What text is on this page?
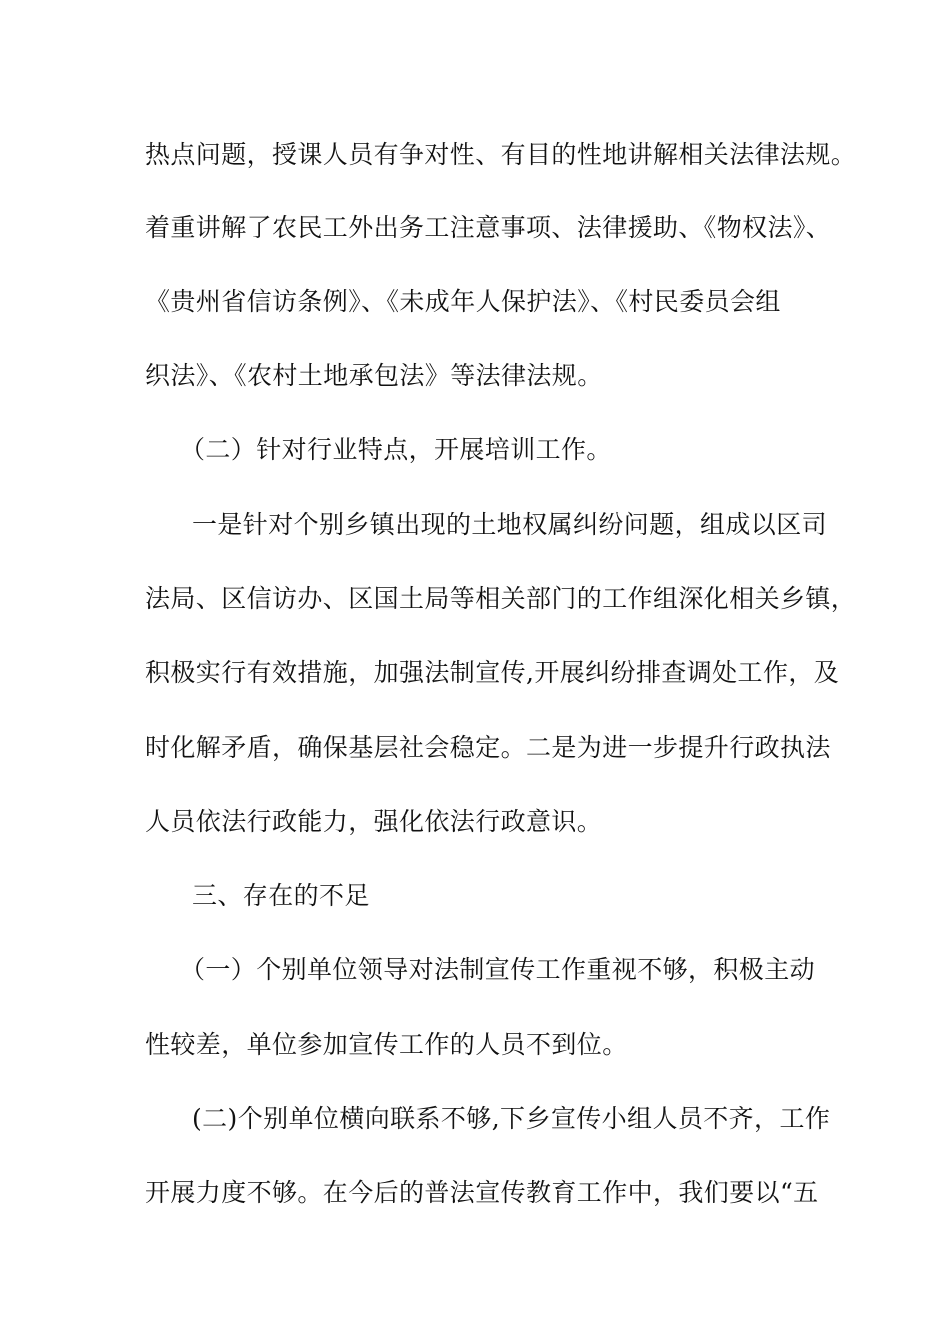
热点问题，授课人员有争对性、有目的性地讲解相关法律法规。
着重讲解了农民工外出务工注意事项、法律援助、《物权法》、
《贵州省信访条例》、《未成年人保护法》、《村民委员会组
织法》、《农村土地承包法》等法律法规。
（二）针对行业特点，开展培训工作。
一是针对个别乡镇出现的土地权属纠纷问题，组成以区司
法局、区信访办、区国土局等相关部门的工作组深化相关乡镇，
积极实行有效措施，加强法制宣传,开展纠纷排查调处工作，及
时化解矛盾，确保基层社会稳定。二是为进一步提升行政执法
人员依法行政能力，强化依法行政意识。
三、存在的不足
（一）个别单位领导对法制宣传工作重视不够，积极主动
性较差，单位参加宣传工作的人员不到位。
(二)个别单位横向联系不够,下乡宣传小组人员不齐，工作
开展力度不够。在今后的普法宣传教育工作中，我们要以“五
